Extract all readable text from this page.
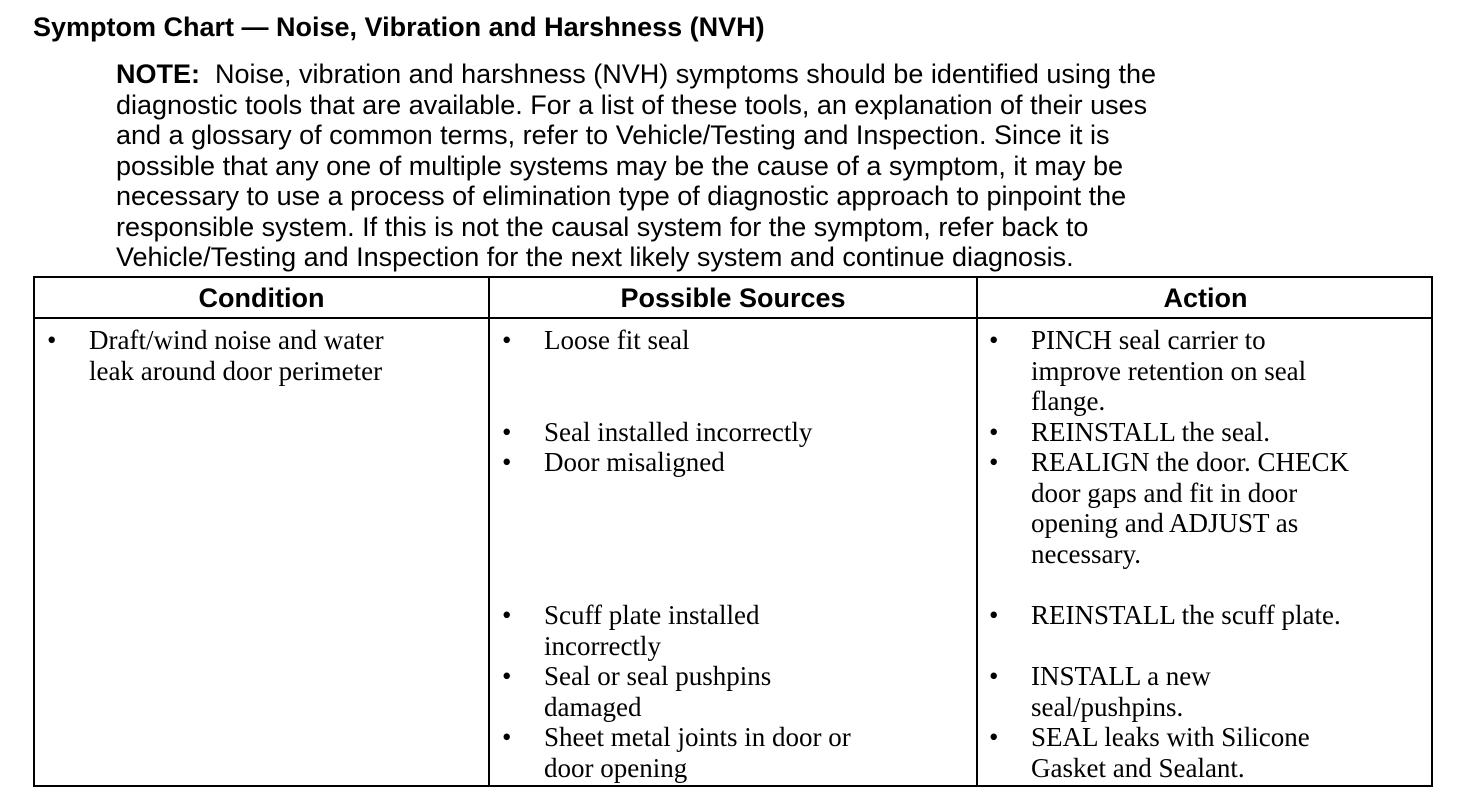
Symptom Chart — Noise, Vibration and Harshness (NVH)
NOTE: Noise, vibration and harshness (NVH) symptoms should be identified using the
diagnostic tools that are available. For a list of these tools, an explanation of their uses
and a glossary of common terms, refer to Vehicle/Testing and Inspection. Since it is
possible that any one of multiple systems may be the cause of a symptom, it may be
necessary to use a process of elimination type of diagnostic approach to pinpoint the
responsible system. If this is not the causal system for the symptom, refer back to
Vehicle/Testing and Inspection for the next likely system and continue diagnosis.
Condition	Possible Sources	Action
• Draft/wind noise and water
leak around door perimeter
• Loose fit seal
• Seal installed incorrectly
• Door misaligned
• Scuff plate installed
incorrectly
• Seal or seal pushpins
damaged
• Sheet metal joints in door or
door opening
• PINCH seal carrier to
improve retention on seal
flange.
• REINSTALL the seal.
• REALIGN the door. CHECK
door gaps and fit in door
opening and ADJUST as
necessary.
• REINSTALL the scuff plate.
• INSTALL a new
seal/pushpins.
• SEAL leaks with Silicone
Gasket and Sealant.
